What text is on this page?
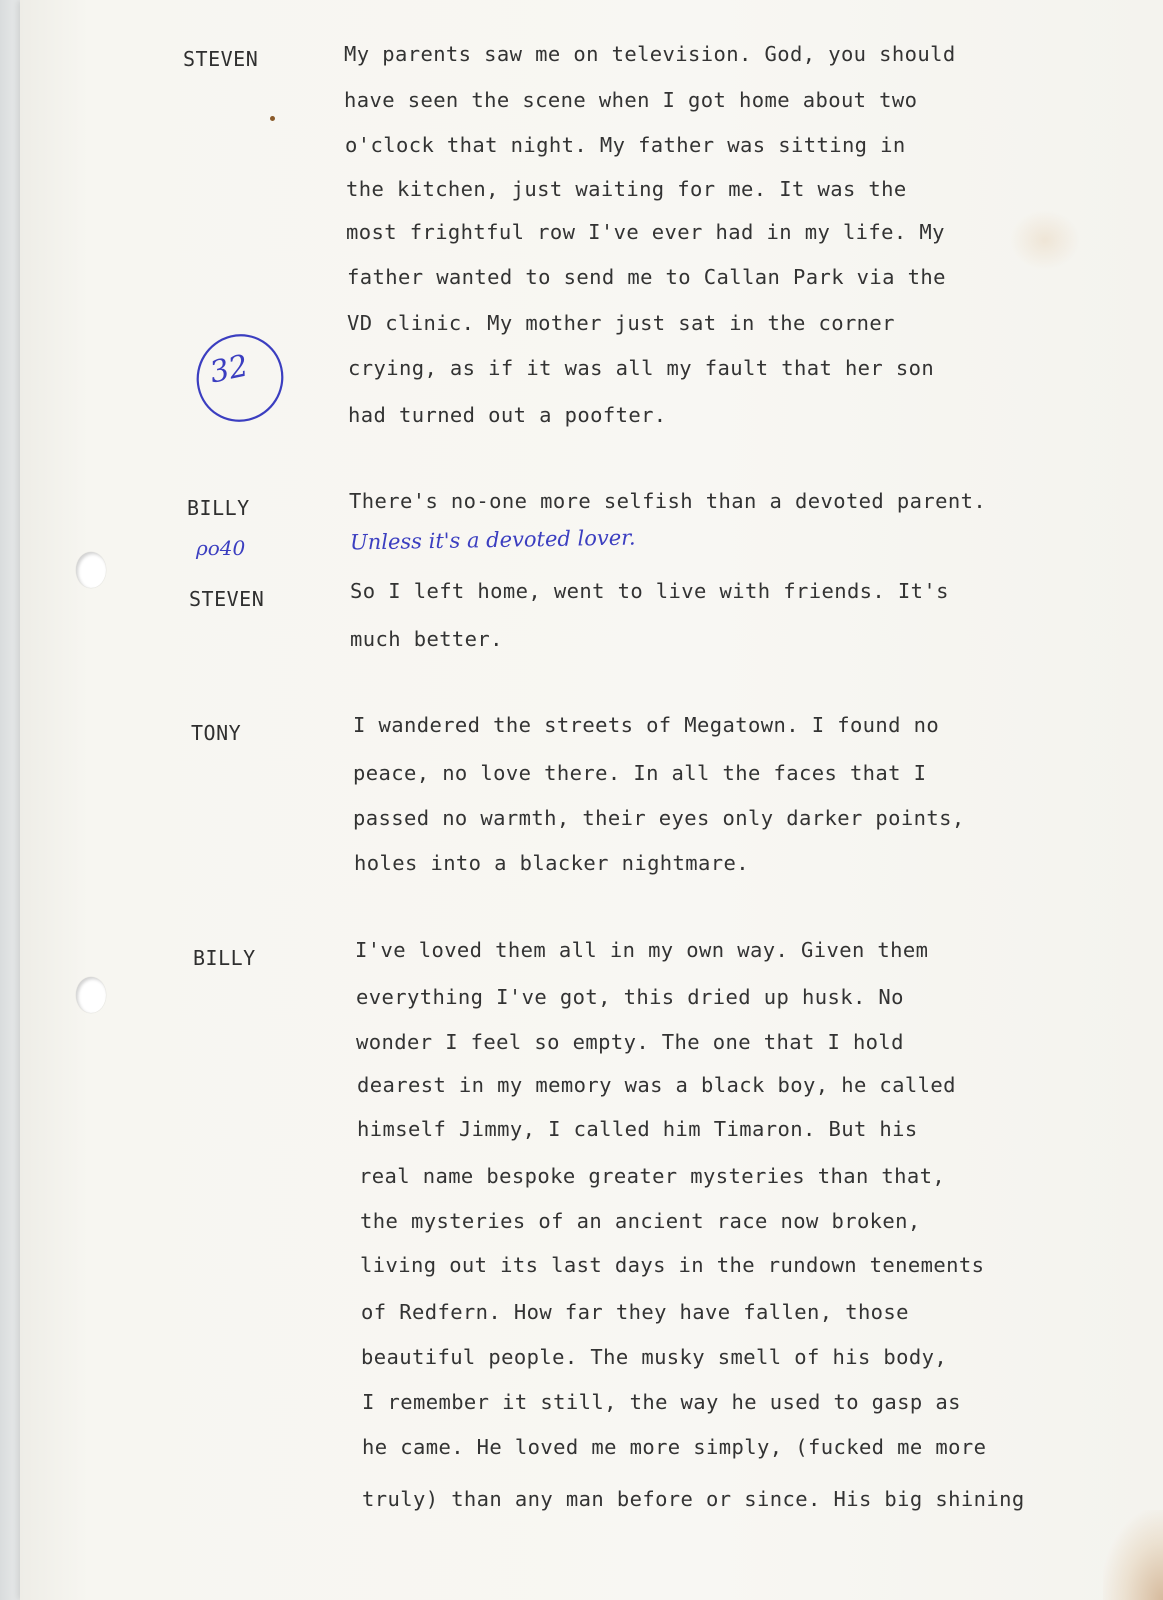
STEVEN	My parents saw me on television. God, you should
have seen the scene when I got home about two
o'clock that night. My father was sitting in
the kitchen, just waiting for me. It was the
most frightful row I've ever had in my life. My
father wanted to send me to Callan Park via the
VD clinic. My mother just sat in the corner
crying, as if it was all my fault that her son
had turned out a poofter.
32
BILLY	There's no-one more selfish than a devoted parent.
ρο40	Unless it's a devoted lover.
STEVEN	So I left home, went to live with friends. It's
much better.
TONY	I wandered the streets of Megatown. I found no
peace, no love there. In all the faces that I
passed no warmth, their eyes only darker points,
holes into a blacker nightmare.
BILLY	I've loved them all in my own way. Given them
everything I've got, this dried up husk. No
wonder I feel so empty. The one that I hold
dearest in my memory was a black boy, he called
himself Jimmy, I called him Timaron. But his
real name bespoke greater mysteries than that,
the mysteries of an ancient race now broken,
living out its last days in the rundown tenements
of Redfern. How far they have fallen, those
beautiful people. The musky smell of his body,
I remember it still, the way he used to gasp as
he came. He loved me more simply, (fucked me more
truly) than any man before or since. His big shining
